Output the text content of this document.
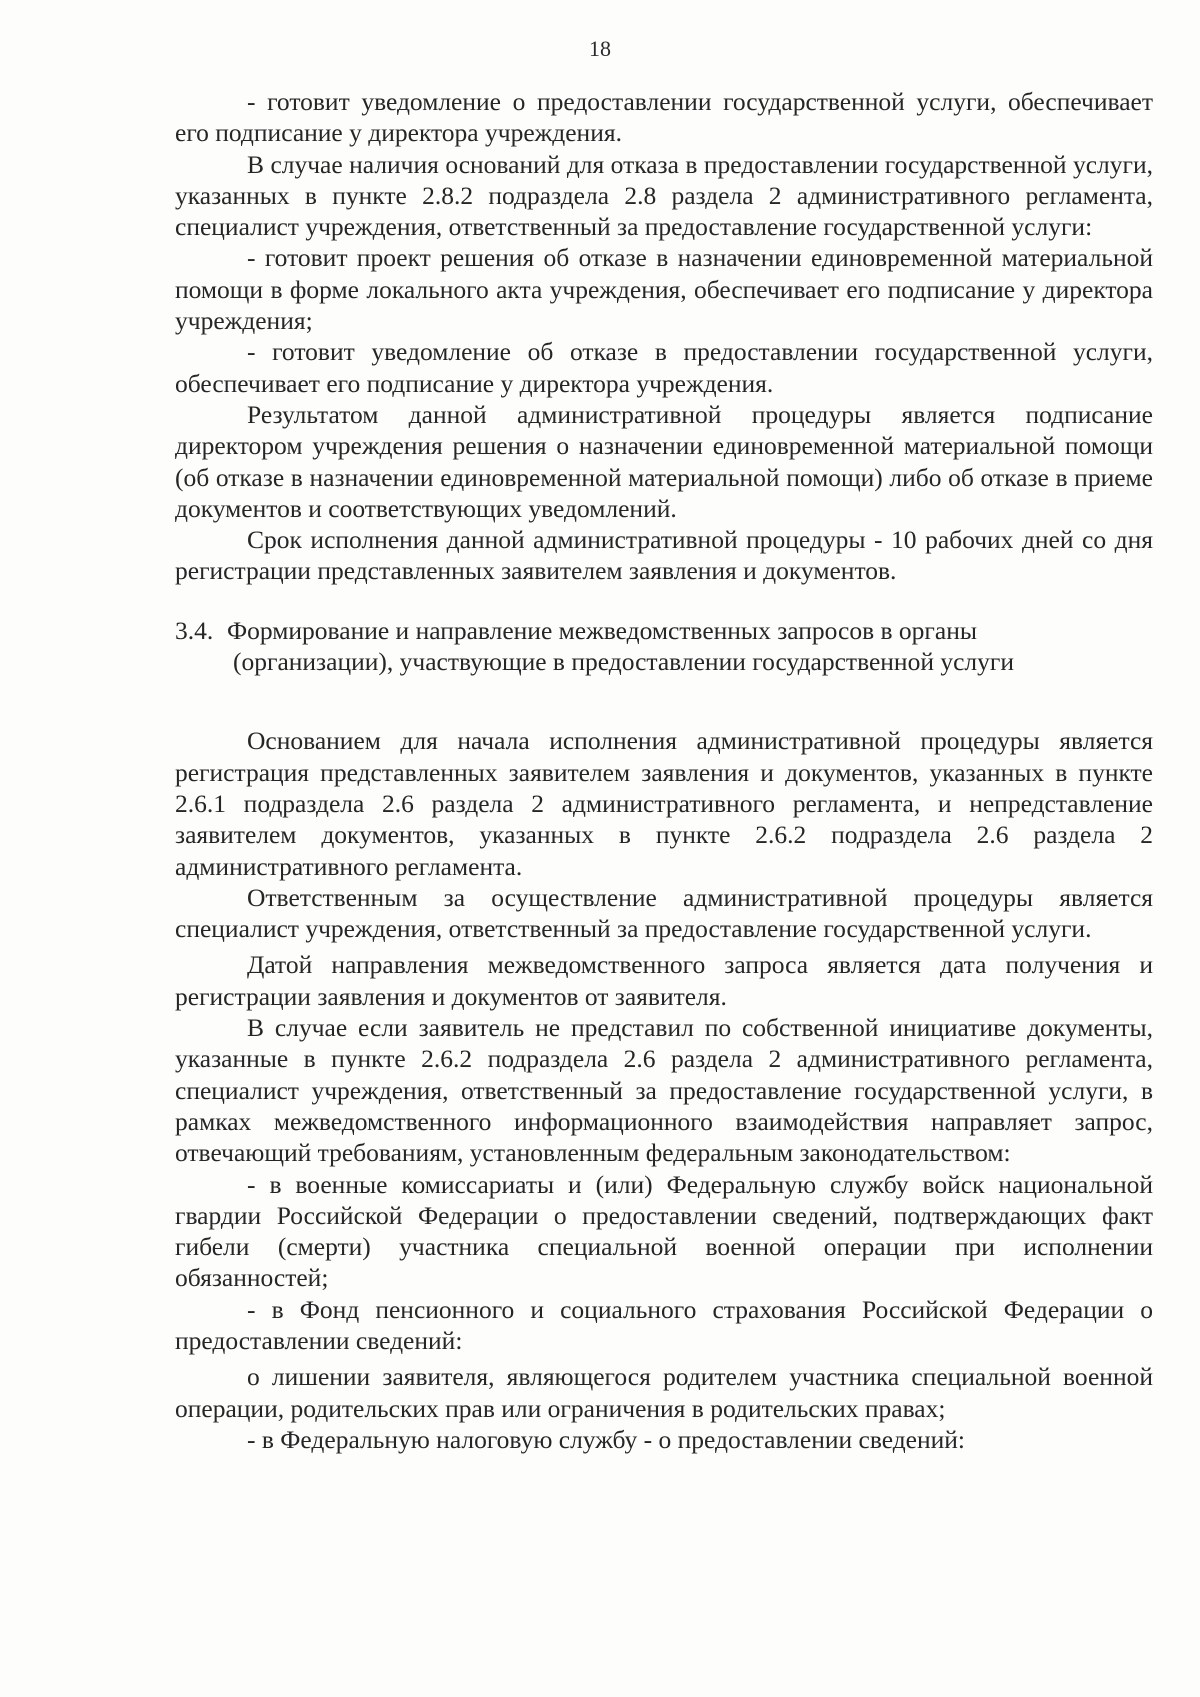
18

- готовит уведомление о предоставлении государственной услуги, обеспечивает его подписание у директора учреждения.

В случае наличия оснований для отказа в предоставлении государственной услуги, указанных в пункте 2.8.2 подраздела 2.8 раздела 2 административного регламента, специалист учреждения, ответственный за предоставление государственной услуги:

- готовит проект решения об отказе в назначении единовременной материальной помощи в форме локального акта учреждения, обеспечивает его подписание у директора учреждения;

- готовит уведомление об отказе в предоставлении государственной услуги, обеспечивает его подписание у директора учреждения.

Результатом данной административной процедуры является подписание директором учреждения решения о назначении единовременной материальной помощи (об отказе в назначении единовременной материальной помощи) либо об отказе в приеме документов и соответствующих уведомлений.

Срок исполнения данной административной процедуры - 10 рабочих дней со дня регистрации представленных заявителем заявления и документов.

3.4. Формирование и направление межведомственных запросов в органы (организации), участвующие в предоставлении государственной услуги

Основанием для начала исполнения административной процедуры является регистрация представленных заявителем заявления и документов, указанных в пункте 2.6.1 подраздела 2.6 раздела 2 административного регламента, и непредставление заявителем документов, указанных в пункте 2.6.2 подраздела 2.6 раздела 2 административного регламента.

Ответственным за осуществление административной процедуры является специалист учреждения, ответственный за предоставление государственной услуги.

Датой направления межведомственного запроса является дата получения и регистрации заявления и документов от заявителя.

В случае если заявитель не представил по собственной инициативе документы, указанные в пункте 2.6.2 подраздела 2.6 раздела 2 административного регламента, специалист учреждения, ответственный за предоставление государственной услуги, в рамках межведомственного информационного взаимодействия направляет запрос, отвечающий требованиям, установленным федеральным законодательством:

- в военные комиссариаты и (или) Федеральную службу войск национальной гвардии Российской Федерации о предоставлении сведений, подтверждающих факт гибели (смерти) участника специальной военной операции при исполнении обязанностей;

- в Фонд пенсионного и социального страхования Российской Федерации о предоставлении сведений:

о лишении заявителя, являющегося родителем участника специальной военной операции, родительских прав или ограничения в родительских правах;

- в Федеральную налоговую службу - о предоставлении сведений:
